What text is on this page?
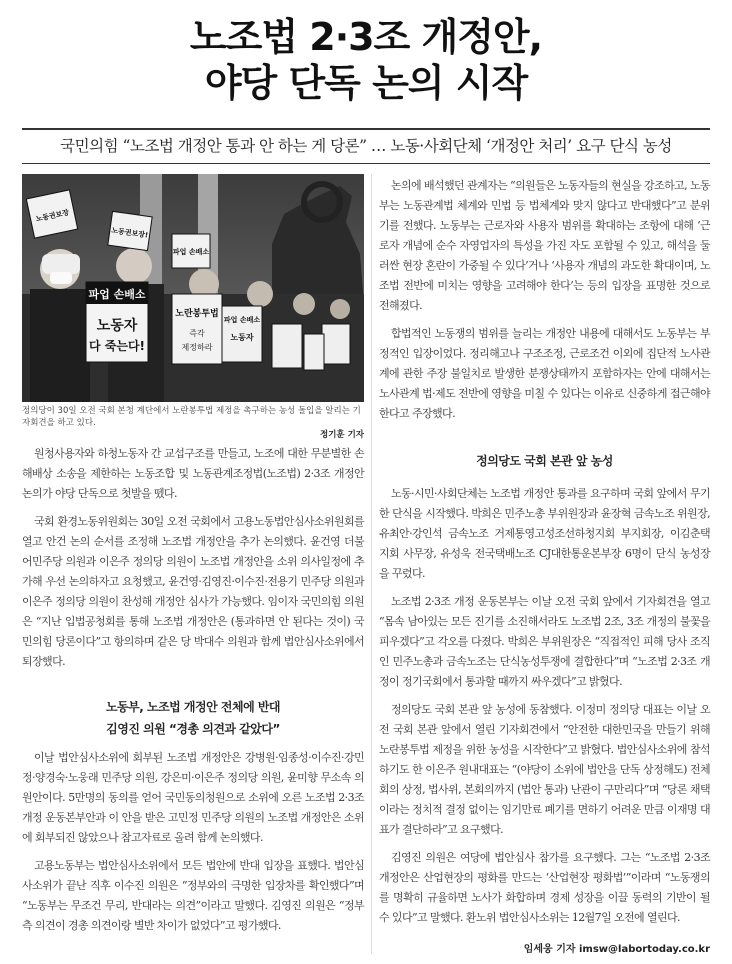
노조법 2·3조 개정안,
야당 단독 논의 시작
국민의힘 “노조법 개정안 통과 안 하는 게 당론” … 노동·사회단체 ‘개정안 처리’ 요구 단식 농성
파업 손배소
노동자
다 죽는다!
노란봉투법
즉각
제정하라
파업 손배소
노동자
노동권보장
노동권보장!
파업 손배소
정의당이 30일 오전 국회 본청 계단에서 노란봉투법 제정을 촉구하는 농성 돌입을 알리는 기자회견을 하고 있다.
정기훈 기자

원청사용자와 하청노동자 간 교섭구조를 만들고, 노조에 대한 무분별한 손해배상 소송을 제한하는 노동조합 및 노동관계조정법(노조법) 2·3조 개정안 논의가 야당 단독으로 첫발을 뗐다.

국회 환경노동위원회는 30일 오전 국회에서 고용노동법안심사소위원회를 열고 안건 논의 순서를 조정해 노조법 개정안을 추가 논의했다. 윤건영 더불어민주당 의원과 이은주 정의당 의원이 노조법 개정안을 소위 의사일정에 추가해 우선 논의하자고 요청했고, 윤건영·김영진·이수진·전용기 민주당 의원과 이은주 정의당 의원이 찬성해 개정안 심사가 가능했다. 임이자 국민의힘 의원은 “지난 입법공청회를 통해 노조법 개정안은 (통과하면 안 된다는 것이) 국민의힘 당론이다”고 항의하며 같은 당 박대수 의원과 함께 법안심사소위에서 퇴장했다.

노동부, 노조법 개정안 전체에 반대
김영진 의원 “경총 의견과 같았다”

이날 법안심사소위에 회부된 노조법 개정안은 강병원·임종성·이수진·강민정·양경숙·노웅래 민주당 의원, 강은미·이은주 정의당 의원, 윤미향 무소속 의원안이다. 5만명의 동의를 얻어 국민동의청원으로 소위에 오른 노조법 2·3조 개정 운동본부안과 이 안을 받은 고민정 민주당 의원의 노조법 개정안은 소위에 회부되진 않았으나 참고자료로 올려 함께 논의했다.

고용노동부는 법안심사소위에서 모든 법안에 반대 입장을 표했다. 법안심사소위가 끝난 직후 이수진 의원은 “정부와의 극명한 입장차를 확인했다”며 “노동부는 무조건 무리, 반대라는 의견”이라고 말했다. 김영진 의원은 “정부 측 의견이 경총 의견이랑 별반 차이가 없었다”고 평가했다.

논의에 배석했던 관계자는 “의원들은 노동자들의 현실을 강조하고, 노동부는 노동관계법 체계와 민법 등 법체계와 맞지 않다고 반대했다”고 분위기를 전했다. 노동부는 근로자와 사용자 범위를 확대하는 조항에 대해 ‘근로자 개념에 순수 자영업자의 특성을 가진 자도 포함될 수 있고, 해석을 둘러싼 현장 혼란이 가중될 수 있다’거나 ‘사용자 개념의 과도한 확대이며, 노조법 전반에 미치는 영향을 고려해야 한다’는 등의 입장을 표명한 것으로 전해졌다.

합법적인 노동쟁의 범위를 늘리는 개정안 내용에 대해서도 노동부는 부정적인 입장이었다. 정리해고나 구조조정, 근로조건 이외에 집단적 노사관계에 관한 주장 불일치로 발생한 분쟁상태까지 포함하자는 안에 대해서는 노사관계 법·제도 전반에 영향을 미칠 수 있다는 이유로 신중하게 접근해야 한다고 주장했다.

정의당도 국회 본관 앞 농성

노동·시민·사회단체는 노조법 개정안 통과를 요구하며 국회 앞에서 무기한 단식을 시작했다. 박희은 민주노총 부위원장과 윤장혁 금속노조 위원장, 유최안·강인석 금속노조 거제통영고성조선하청지회 부지회장, 이김춘택 지회 사무장, 유성욱 전국택배노조 CJ대한통운본부장 6명이 단식 농성장을 꾸렸다.

노조법 2·3조 개정 운동본부는 이날 오전 국회 앞에서 기자회견을 열고 “몸속 남아있는 모든 진기를 소진해서라도 노조법 2조, 3조 개정의 불꽃을 피우겠다”고 각오를 다졌다. 박희은 부위원장은 “직접적인 피해 당사 조직인 민주노총과 금속노조는 단식농성투쟁에 결합한다”며 “노조법 2·3조 개정이 정기국회에서 통과할 때까지 싸우겠다”고 밝혔다.

정의당도 국회 본관 앞 농성에 동참했다. 이정미 정의당 대표는 이날 오전 국회 본관 앞에서 열린 기자회견에서 “안전한 대한민국을 만들기 위해 노란봉투법 제정을 위한 농성을 시작한다”고 밝혔다. 법안심사소위에 참석하기도 한 이은주 원내대표는 “(야당이 소위에 법안을 단독 상정해도) 전체회의 상정, 법사위, 본회의까지 (법안 통과) 난관이 구만리다”며 “당론 채택이라는 정치적 결정 없이는 임기만료 폐기를 면하기 어려운 만큼 이재명 대표가 결단하라”고 요구했다.

김영진 의원은 여당에 법안심사 참가를 요구했다. 그는 “노조법 2·3조 개정안은 산업현장의 평화를 만드는 ‘산업현장 평화법’”이라며 “노동쟁의를 명확히 규율하면 노사가 화합하며 경제 성장을 이끌 동력의 기반이 될 수 있다”고 말했다. 환노위 법안심사소위는 12월7일 오전에 열린다.

임세웅 기자 imsw@labortoday.co.kr
